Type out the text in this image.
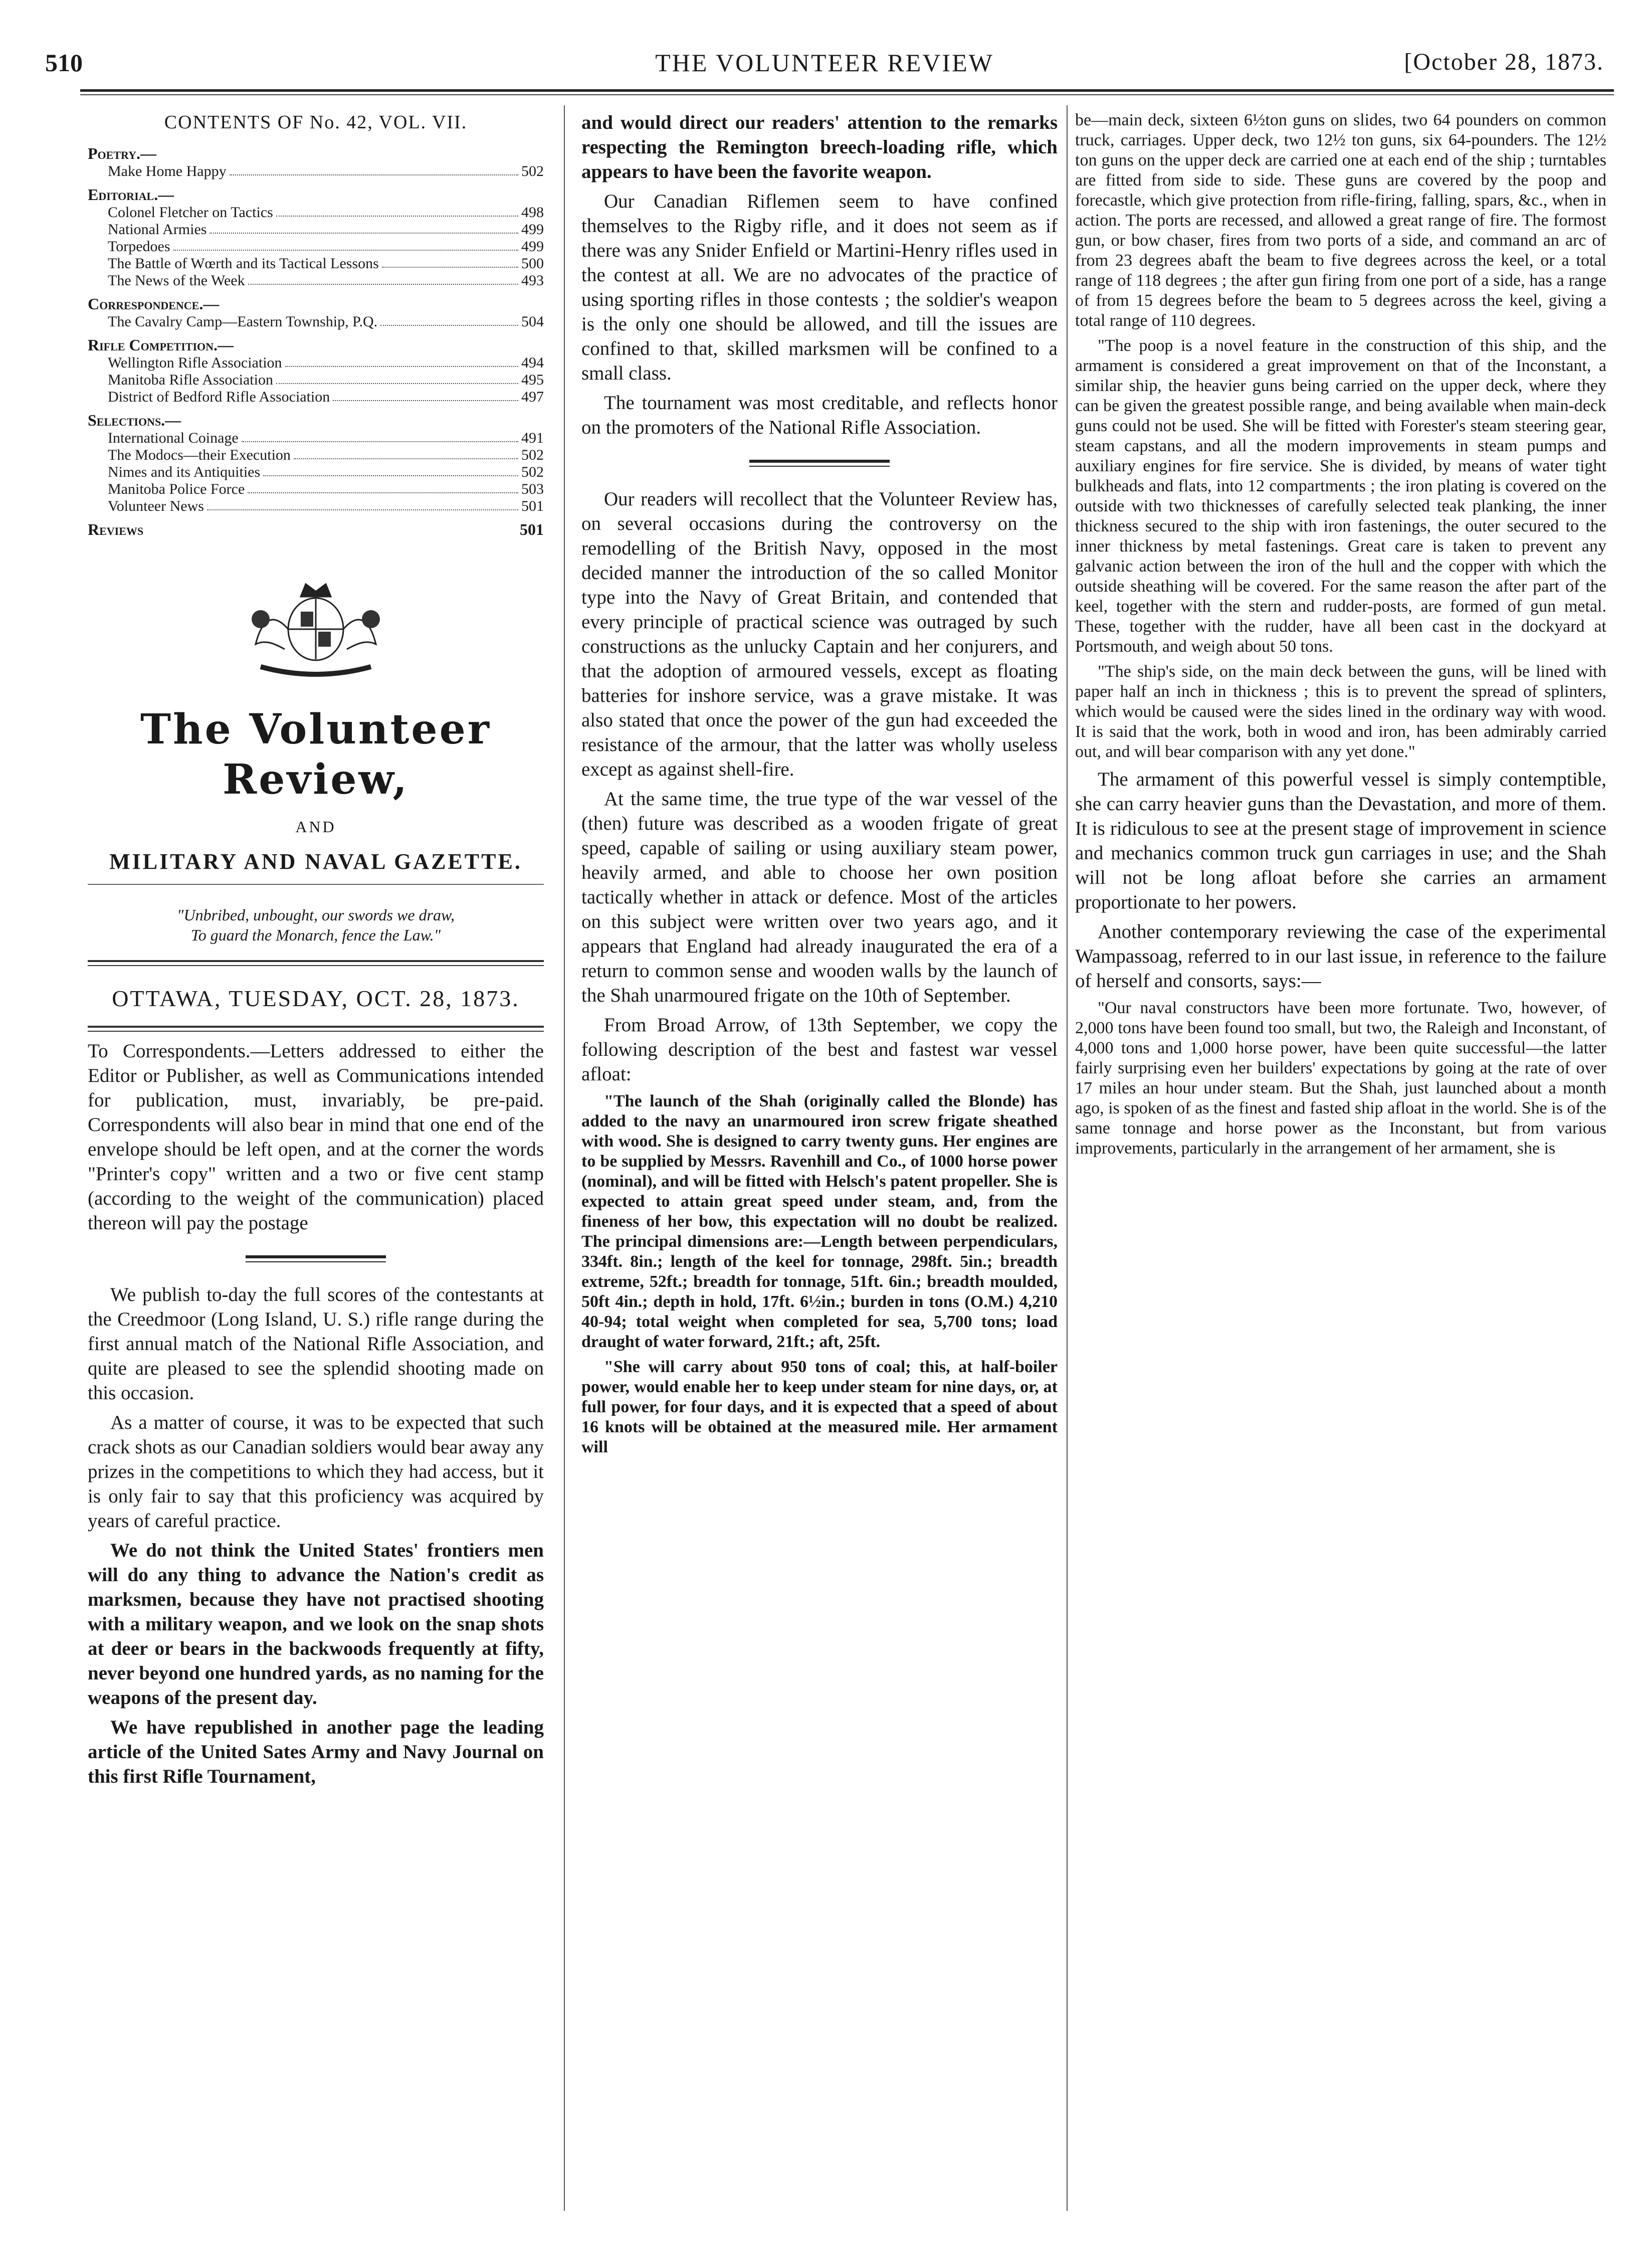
510	THE VOLUNTEER REVIEW	[October 28, 1873.
CONTENTS OF No. 42, VOL. VII.
Poetry.—
Make Home Happy	502
Editorial.—
Colonel Fletcher on Tactics	498
National Armies	499
Torpedoes	499
The Battle of Wœrth and its Tactical Lessons	500
The News of the Week	493
Correspondence.—
The Cavalry Camp—Eastern Township, P.Q.	504
Rifle Competition.—
Wellington Rifle Association	494
Manitoba Rifle Association	495
District of Bedford Rifle Association	497
Selections.—
International Coinage	491
The Modocs—their Execution	502
Nimes and its Antiquities	502
Manitoba Police Force	503
Volunteer News	501
Reviews	501
The Volunteer Review,
AND
MILITARY AND NAVAL GAZETTE.
"Unbribed, unbought, our swords we draw,
To guard the Monarch, fence the Law."
OTTAWA, TUESDAY, OCT. 28, 1873.

To Correspondents.—Letters addressed to either the Editor or Publisher, as well as Communications intended for publication, must, invariably, be pre-paid. Correspondents will also bear in mind that one end of the envelope should be left open, and at the corner the words "Printer's copy" written and a two or five cent stamp (according to the weight of the communication) placed thereon will pay the postage

We publish to-day the full scores of the contestants at the Creedmoor (Long Island, U. S.) rifle range during the first annual match of the National Rifle Association, and quite are pleased to see the splendid shooting made on this occasion.

As a matter of course, it was to be expected that such crack shots as our Canadian soldiers would bear away any prizes in the competitions to which they had access, but it is only fair to say that this proficiency was acquired by years of careful practice.

We do not think the United States' frontiers men will do any thing to advance the Nation's credit as marksmen, because they have not practised shooting with a military weapon, and we look on the snap shots at deer or bears in the backwoods frequently at fifty, never beyond one hundred yards, as no naming for the weapons of the present day.

We have republished in another page the leading article of the United Sates Army and Navy Journal on this first Rifle Tournament,

and would direct our readers' attention to the remarks respecting the Remington breech-loading rifle, which appears to have been the favorite weapon.

Our Canadian Riflemen seem to have confined themselves to the Rigby rifle, and it does not seem as if there was any Snider Enfield or Martini-Henry rifles used in the contest at all. We are no advocates of the practice of using sporting rifles in those contests ; the soldier's weapon is the only one should be allowed, and till the issues are confined to that, skilled marksmen will be confined to a small class.

The tournament was most creditable, and reflects honor on the promoters of the National Rifle Association.

Our readers will recollect that the Volunteer Review has, on several occasions during the controversy on the remodelling of the British Navy, opposed in the most decided manner the introduction of the so called Monitor type into the Navy of Great Britain, and contended that every principle of practical science was outraged by such constructions as the unlucky Captain and her conjurers, and that the adoption of armoured vessels, except as floating batteries for inshore service, was a grave mistake. It was also stated that once the power of the gun had exceeded the resistance of the armour, that the latter was wholly useless except as against shell-fire.

At the same time, the true type of the war vessel of the (then) future was described as a wooden frigate of great speed, capable of sailing or using auxiliary steam power, heavily armed, and able to choose her own position tactically whether in attack or defence. Most of the articles on this subject were written over two years ago, and it appears that England had already inaugurated the era of a return to common sense and wooden walls by the launch of the Shah unarmoured frigate on the 10th of September.

From Broad Arrow, of 13th September, we copy the following description of the best and fastest war vessel afloat:

"The launch of the Shah (originally called the Blonde) has added to the navy an unarmoured iron screw frigate sheathed with wood. She is designed to carry twenty guns. Her engines are to be supplied by Messrs. Ravenhill and Co., of 1000 horse power (nominal), and will be fitted with Helsch's patent propeller. She is expected to attain great speed under steam, and, from the fineness of her bow, this expectation will no doubt be realized. The principal dimensions are:—Length between perpendiculars, 334ft. 8in.; length of the keel for tonnage, 298ft. 5in.; breadth extreme, 52ft.; breadth for tonnage, 51ft. 6in.; breadth moulded, 50ft 4in.; depth in hold, 17ft. 6½in.; burden in tons (O.M.) 4,210 40-94; total weight when completed for sea, 5,700 tons; load draught of water forward, 21ft.; aft, 25ft.

"She will carry about 950 tons of coal; this, at half-boiler power, would enable her to keep under steam for nine days, or, at full power, for four days, and it is expected that a speed of about 16 knots will be obtained at the measured mile. Her armament will

be—main deck, sixteen 6½ton guns on slides, two 64 pounders on common truck, carriages. Upper deck, two 12½ ton guns, six 64-pounders. The 12½ ton guns on the upper deck are carried one at each end of the ship ; turntables are fitted from side to side. These guns are covered by the poop and forecastle, which give protection from rifle-firing, falling, spars, &c., when in action. The ports are recessed, and allowed a great range of fire. The formost gun, or bow chaser, fires from two ports of a side, and command an arc of from 23 degrees abaft the beam to five degrees across the keel, or a total range of 118 degrees ; the after gun firing from one port of a side, has a range of from 15 degrees before the beam to 5 degrees across the keel, giving a total range of 110 degrees.

"The poop is a novel feature in the construction of this ship, and the armament is considered a great improvement on that of the Inconstant, a similar ship, the heavier guns being carried on the upper deck, where they can be given the greatest possible range, and being available when main-deck guns could not be used. She will be fitted with Forester's steam steering gear, steam capstans, and all the modern improvements in steam pumps and auxiliary engines for fire service. She is divided, by means of water tight bulkheads and flats, into 12 compartments ; the iron plating is covered on the outside with two thicknesses of carefully selected teak planking, the inner thickness secured to the ship with iron fastenings, the outer secured to the inner thickness by metal fastenings. Great care is taken to prevent any galvanic action between the iron of the hull and the copper with which the outside sheathing will be covered. For the same reason the after part of the keel, together with the stern and rudder-posts, are formed of gun metal. These, together with the rudder, have all been cast in the dockyard at Portsmouth, and weigh about 50 tons.

"The ship's side, on the main deck between the guns, will be lined with paper half an inch in thickness ; this is to prevent the spread of splinters, which would be caused were the sides lined in the ordinary way with wood. It is said that the work, both in wood and iron, has been admirably carried out, and will bear comparison with any yet done."

The armament of this powerful vessel is simply contemptible, she can carry heavier guns than the Devastation, and more of them. It is ridiculous to see at the present stage of improvement in science and mechanics common truck gun carriages in use; and the Shah will not be long afloat before she carries an armament proportionate to her powers.

Another contemporary reviewing the case of the experimental Wampassoag, referred to in our last issue, in reference to the failure of herself and consorts, says:—

"Our naval constructors have been more fortunate. Two, however, of 2,000 tons have been found too small, but two, the Raleigh and Inconstant, of 4,000 tons and 1,000 horse power, have been quite successful—the latter fairly surprising even her builders' expectations by going at the rate of over 17 miles an hour under steam. But the Shah, just launched about a month ago, is spoken of as the finest and fasted ship afloat in the world. She is of the same tonnage and horse power as the Inconstant, but from various improvements, particularly in the arrangement of her armament, she is
